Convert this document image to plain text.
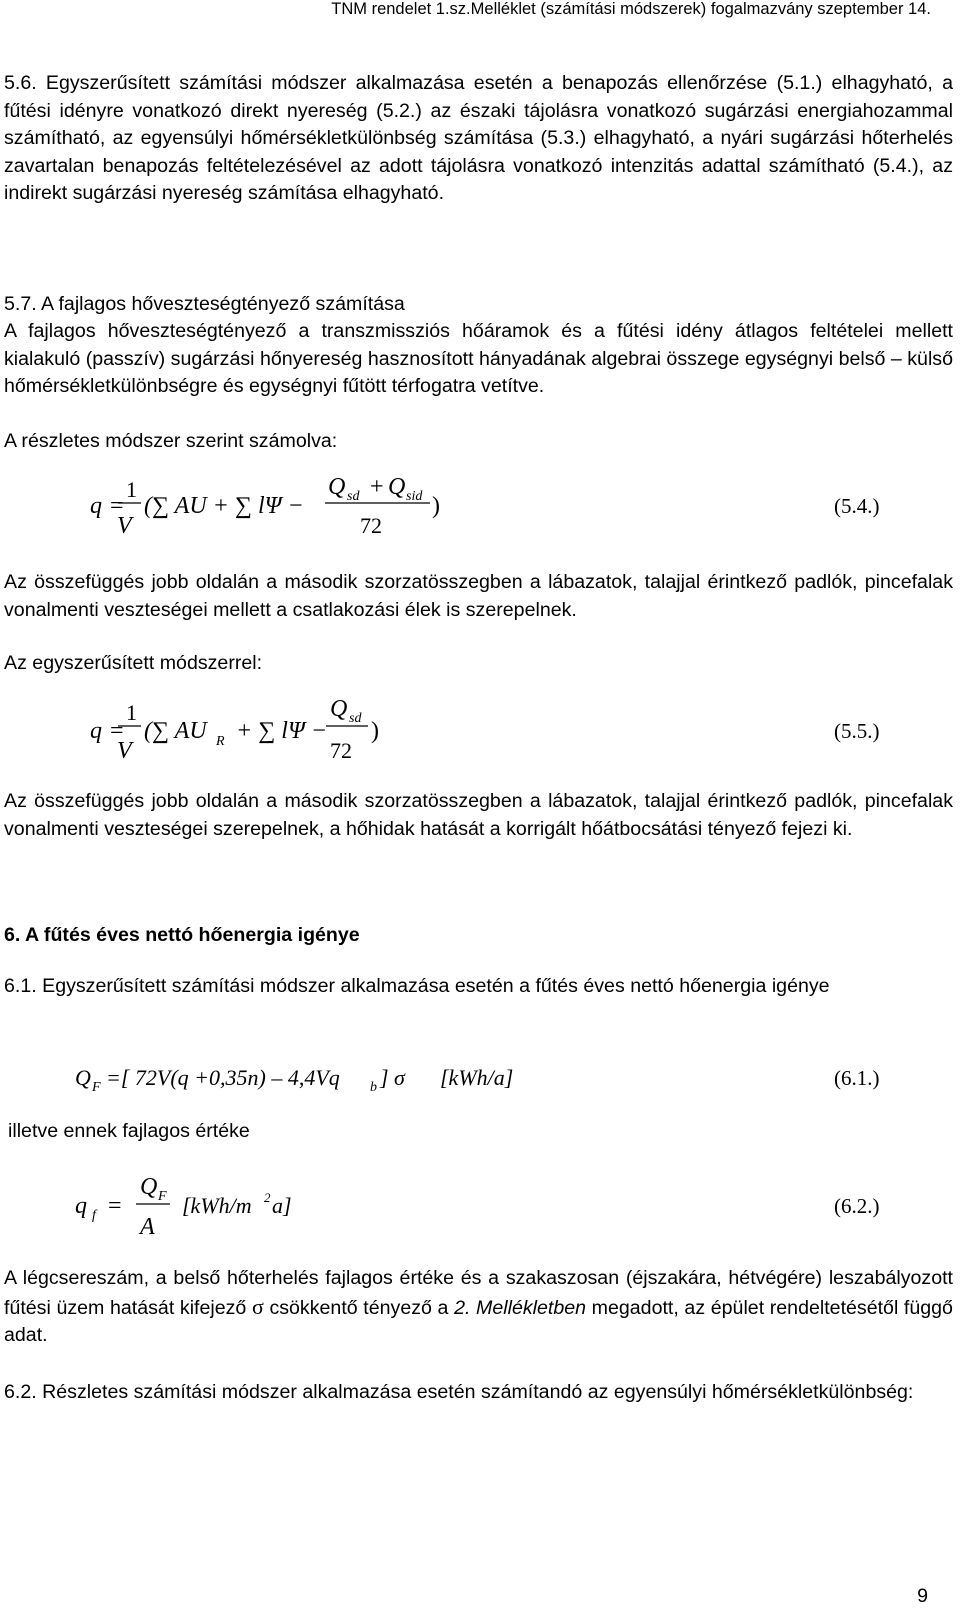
TNM rendelet 1.sz.Melléklet (számítási módszerek) fogalmazvány szeptember 14.
5.6. Egyszerűsített számítási módszer alkalmazása esetén a benapozás ellenőrzése (5.1.) elhagyható, a fűtési idényre vonatkozó direkt nyereség (5.2.) az északi tájolásra vonatkozó sugárzási energiahozammal számítható, az egyensúlyi hőmérsékletkülönbség számítása (5.3.) elhagyható, a nyári sugárzási hőterhelés zavartalan benapozás feltételezésével az adott tájolásra vonatkozó intenzitás adattal számítható (5.4.), az indirekt sugárzási nyereség számítása elhagyható.
5.7. A fajlagos hőveszteségtényező számítása
A fajlagos hőveszteségtényező a transzmissziós hőáramok és a fűtési idény átlagos feltételei mellett kialakuló (passzív) sugárzási hőnyereség hasznosított hányadának algebrai összege egységnyi belső – külső hőmérsékletkülönbségre és egységnyi fűtött térfogatra vetítve.
A részletes módszer szerint számolva:
q =
1
V
(∑ AU + ∑ lΨ −
Q sd + Q sid
72
)	(5.4.)
q =
1
V
(∑ AU R + ∑ lΨ −
Q sd
72
)	(5.5.)
Q F =[ 72V(q +0,35n) – 4,4Vq b ] σ [kWh/a]	(6.1.)
q f =
Q F
A
[kWh/m 2 a]	(6.2.)
Az összefüggés jobb oldalán a második szorzatösszegben a lábazatok, talajjal érintkező padlók, pincefalak vonalmenti veszteségei mellett a csatlakozási élek is szerepelnek.
Az egyszerűsített módszerrel:
Az összefüggés jobb oldalán a második szorzatösszegben a lábazatok, talajjal érintkező padlók, pincefalak vonalmenti veszteségei szerepelnek, a hőhidak hatását a korrigált hőátbocsátási tényező fejezi ki.
6. A fűtés éves nettó hőenergia igénye
6.1. Egyszerűsített számítási módszer alkalmazása esetén a fűtés éves nettó hőenergia igénye
illetve ennek fajlagos értéke
A légcsereszám, a belső hőterhelés fajlagos értéke és a szakaszosan (éjszakára, hétvégére) leszabályozott fűtési üzem hatását kifejező σ csökkentő tényező a 2. Mellékletben megadott, az épület rendeltetésétől függő adat.
6.2. Részletes számítási módszer alkalmazása esetén számítandó az egyensúlyi hőmérsékletkülönbség:
9
